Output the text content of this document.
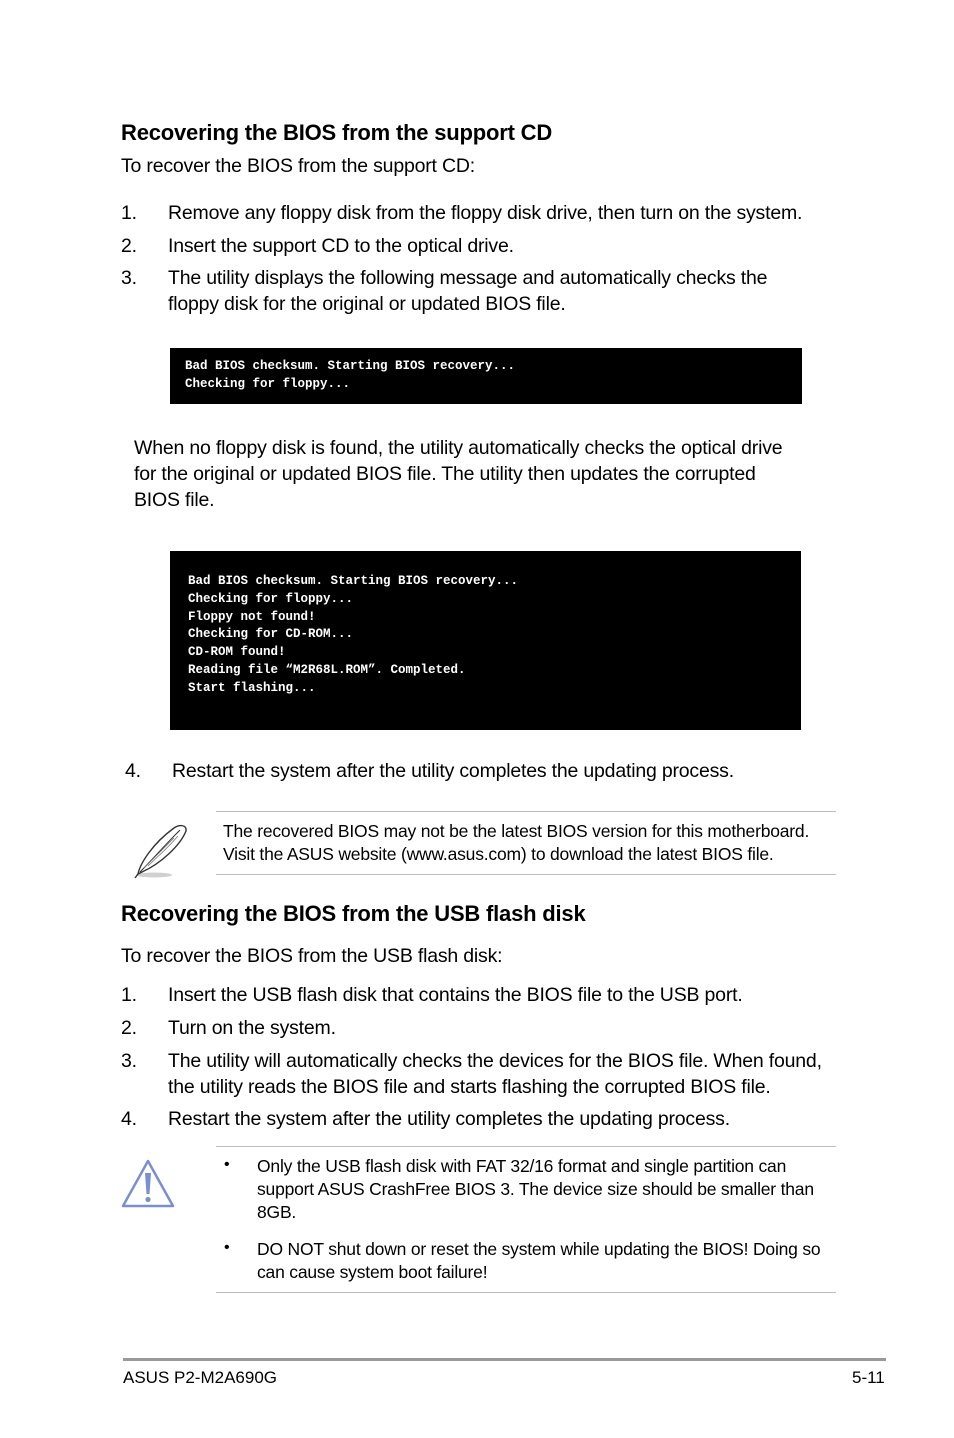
Recovering the BIOS from the support CD
To recover the BIOS from the support CD:
1. Remove any floppy disk from the floppy disk drive, then turn on the system.
2. Insert the support CD to the optical drive.
3. The utility displays the following message and automatically checks the
floppy disk for the original or updated BIOS file.
Bad BIOS checksum. Starting BIOS recovery...
Checking for floppy...
When no floppy disk is found, the utility automatically checks the optical drive
for the original or updated BIOS file. The utility then updates the corrupted
BIOS file.
Bad BIOS checksum. Starting BIOS recovery...
Checking for floppy...
Floppy not found!
Checking for CD-ROM...
CD-ROM found!
Reading file “M2R68L.ROM”. Completed.
Start flashing...
4. Restart the system after the utility completes the updating process.
The recovered BIOS may not be the latest BIOS version for this motherboard.
Visit the ASUS website (www.asus.com) to download the latest BIOS file.
Recovering the BIOS from the USB flash disk
To recover the BIOS from the USB flash disk:
1. Insert the USB flash disk that contains the BIOS file to the USB port.
2. Turn on the system.
3. The utility will automatically checks the devices for the BIOS file. When found,
the utility reads the BIOS file and starts flashing the corrupted BIOS file.
4. Restart the system after the utility completes the updating process.
• Only the USB flash disk with FAT 32/16 format and single partition can
support ASUS CrashFree BIOS 3. The device size should be smaller than
8GB.
• DO NOT shut down or reset the system while updating the BIOS! Doing so
can cause system boot failure!
ASUS P2-M2A690G	5-11
